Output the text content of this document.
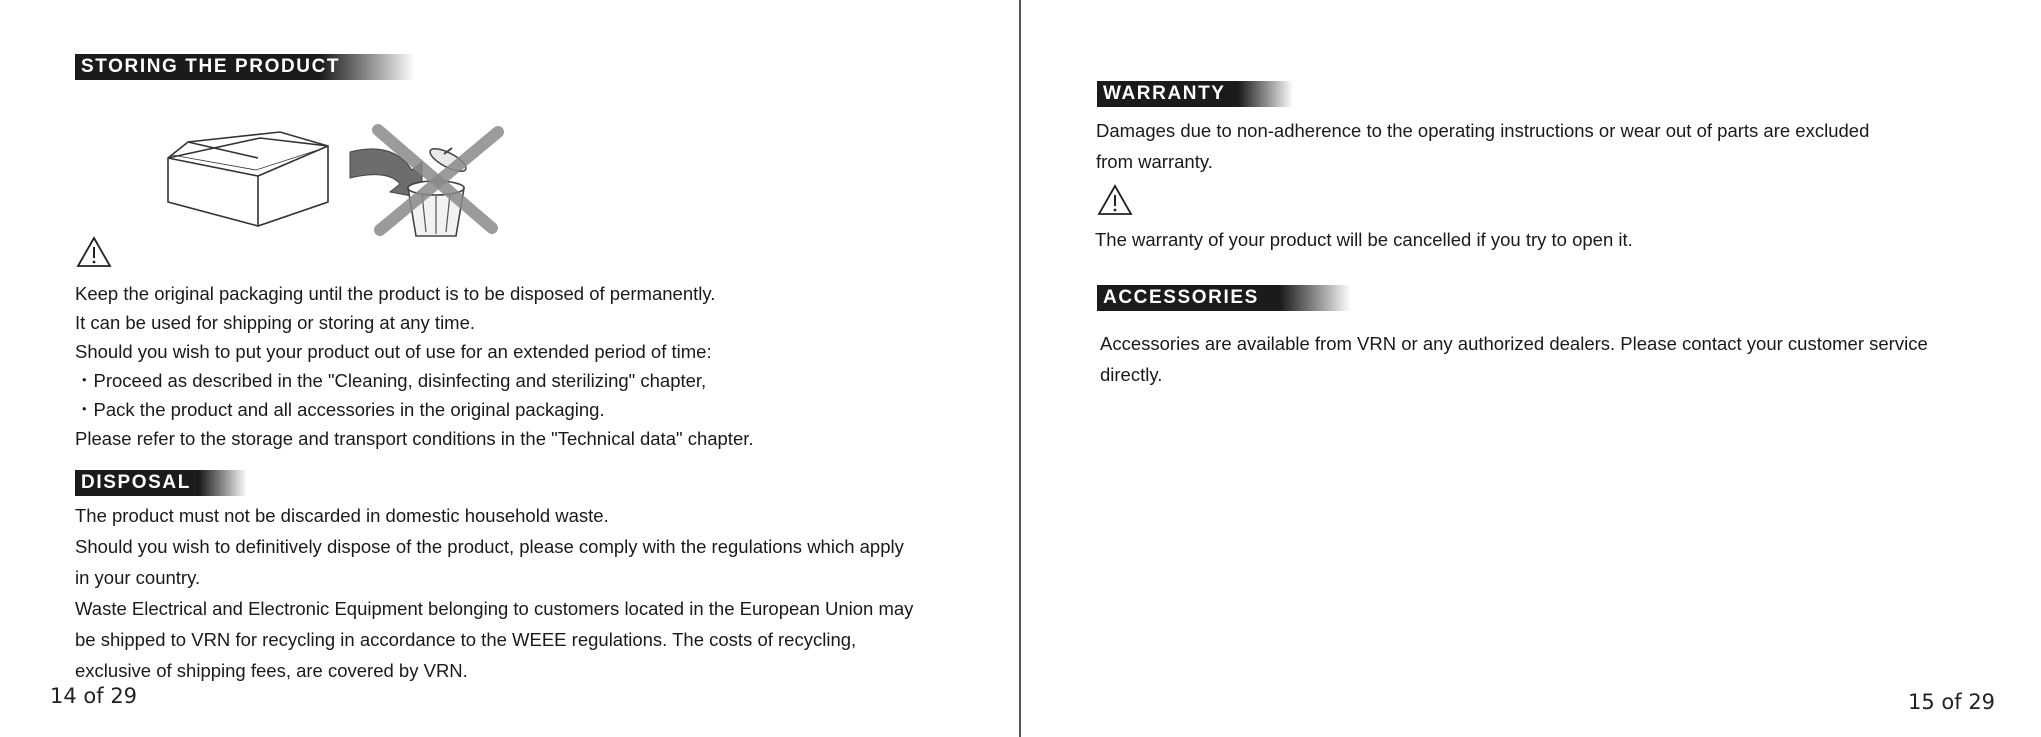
STORING THE PRODUCT
Keep the original packaging until the product is to be disposed of permanently.
It can be used for shipping or storing at any time.
Should you wish to put your product out of use for an extended period of time:
・Proceed as described in the "Cleaning, disinfecting and sterilizing" chapter,
・Pack the product and all accessories in the original packaging.
Please refer to the storage and transport conditions in the "Technical data" chapter.
DISPOSAL
The product must not be discarded in domestic household waste.
Should you wish to definitively dispose of the product, please comply with the regulations which apply
in your country.
Waste Electrical and Electronic Equipment belonging to customers located in the European Union may
be shipped to VRN for recycling in accordance to the WEEE regulations. The costs of recycling,
exclusive of shipping fees, are covered by VRN.
14 of 29
WARRANTY
Damages due to non-adherence to the operating instructions or wear out of parts are excluded
from warranty.
The warranty of your product will be cancelled if you try to open it.
ACCESSORIES
Accessories are available from VRN or any authorized dealers. Please contact your customer service
directly.
15 of 29
